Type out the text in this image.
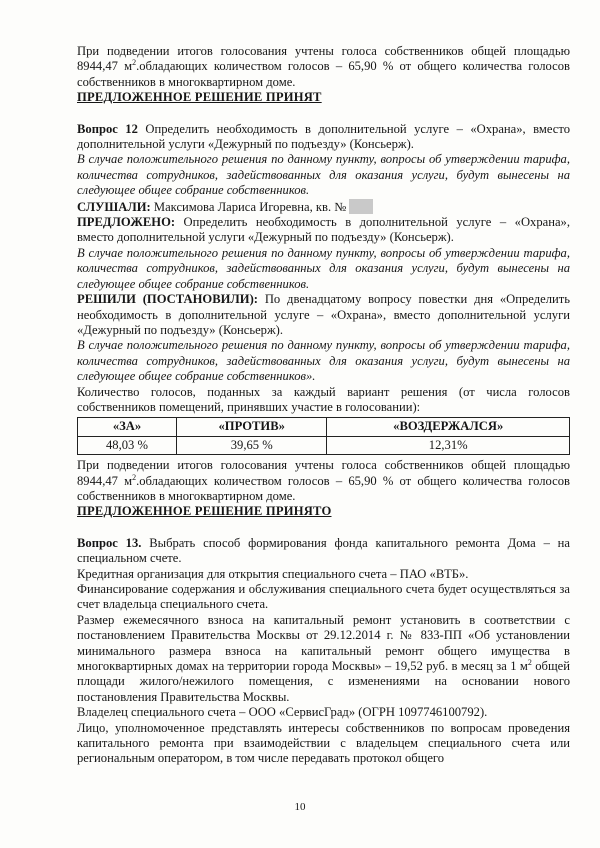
При подведении итогов голосования учтены голоса собственников общей площадью 8944,47 $м^2.обладающих$ количеством голосов – 65,90 % от общего количества голосов собственников в многоквартирном доме.

ПРЕДЛОЖЕННОЕ РЕШЕНИЕ ПРИНЯТ

Вопрос 12 Определить необходимость в дополнительной услуге – «Охрана», вместо дополнительной услуги «Дежурный по подъезду» (Консьерж).

В случае положительного решения по данному пункту, вопросы об утверждении тарифа, количества сотрудников, задействованных для оказания услуги, будут вынесены на следующее общее собрание собственников.

СЛУШАЛИ: Максимова Лариса Игоревна, кв. №

ПРЕДЛОЖЕНО: Определить необходимость в дополнительной услуге – «Охрана», вместо дополнительной услуги «Дежурный по подъезду» (Консьерж).

В случае положительного решения по данному пункту, вопросы об утверждении тарифа, количества сотрудников, задействованных для оказания услуги, будут вынесены на следующее общее собрание собственников.

РЕШИЛИ (ПОСТАНОВИЛИ): По двенадцатому вопросу повестки дня «Определить необходимость в дополнительной услуге – «Охрана», вместо дополнительной услуги «Дежурный по подъезду» (Консьерж).

В случае положительного решения по данному пункту, вопросы об утверждении тарифа, количества сотрудников, задействованных для оказания услуги, будут вынесены на следующее общее собрание собственников».

Количество голосов, поданных за каждый вариант решения (от числа голосов собственников помещений, принявших участие в голосовании):

«ЗА»	«ПРОТИВ»	«ВОЗДЕРЖАЛСЯ»
48,03 %	39,65 %	12,31%

При подведении итогов голосования учтены голоса собственников общей площадью 8944,47 $м^2.обладающих$ количеством голосов – 65,90 % от общего количества голосов собственников в многоквартирном доме.

ПРЕДЛОЖЕННОЕ РЕШЕНИЕ ПРИНЯТО

Вопрос 13. Выбрать способ формирования фонда капитального ремонта Дома – на специальном счете.

Кредитная организация для открытия специального счета – ПАО «ВТБ».

Финансирование содержания и обслуживания специального счета будет осуществляться за счет владельца специального счета.

Размер ежемесячного взноса на капитальный ремонт установить в соответствии с постановлением Правительства Москвы от 29.12.2014 г. № 833-ПП «Об установлении минимального размера взноса на капитальный ремонт общего имущества в многоквартирных домах на территории города Москвы» – 19,52 руб. в месяц за 1 $м^2$ общей площади жилого/нежилого помещения, с изменениями на основании нового постановления Правительства Москвы.

Владелец специального счета – ООО «СервисГрад» (ОГРН 1097746100792).

Лицо, уполномоченное представлять интересы собственников по вопросам проведения капитального ремонта при взаимодействии с владельцем специального счета или региональным оператором, в том числе передавать протокол общего

10
